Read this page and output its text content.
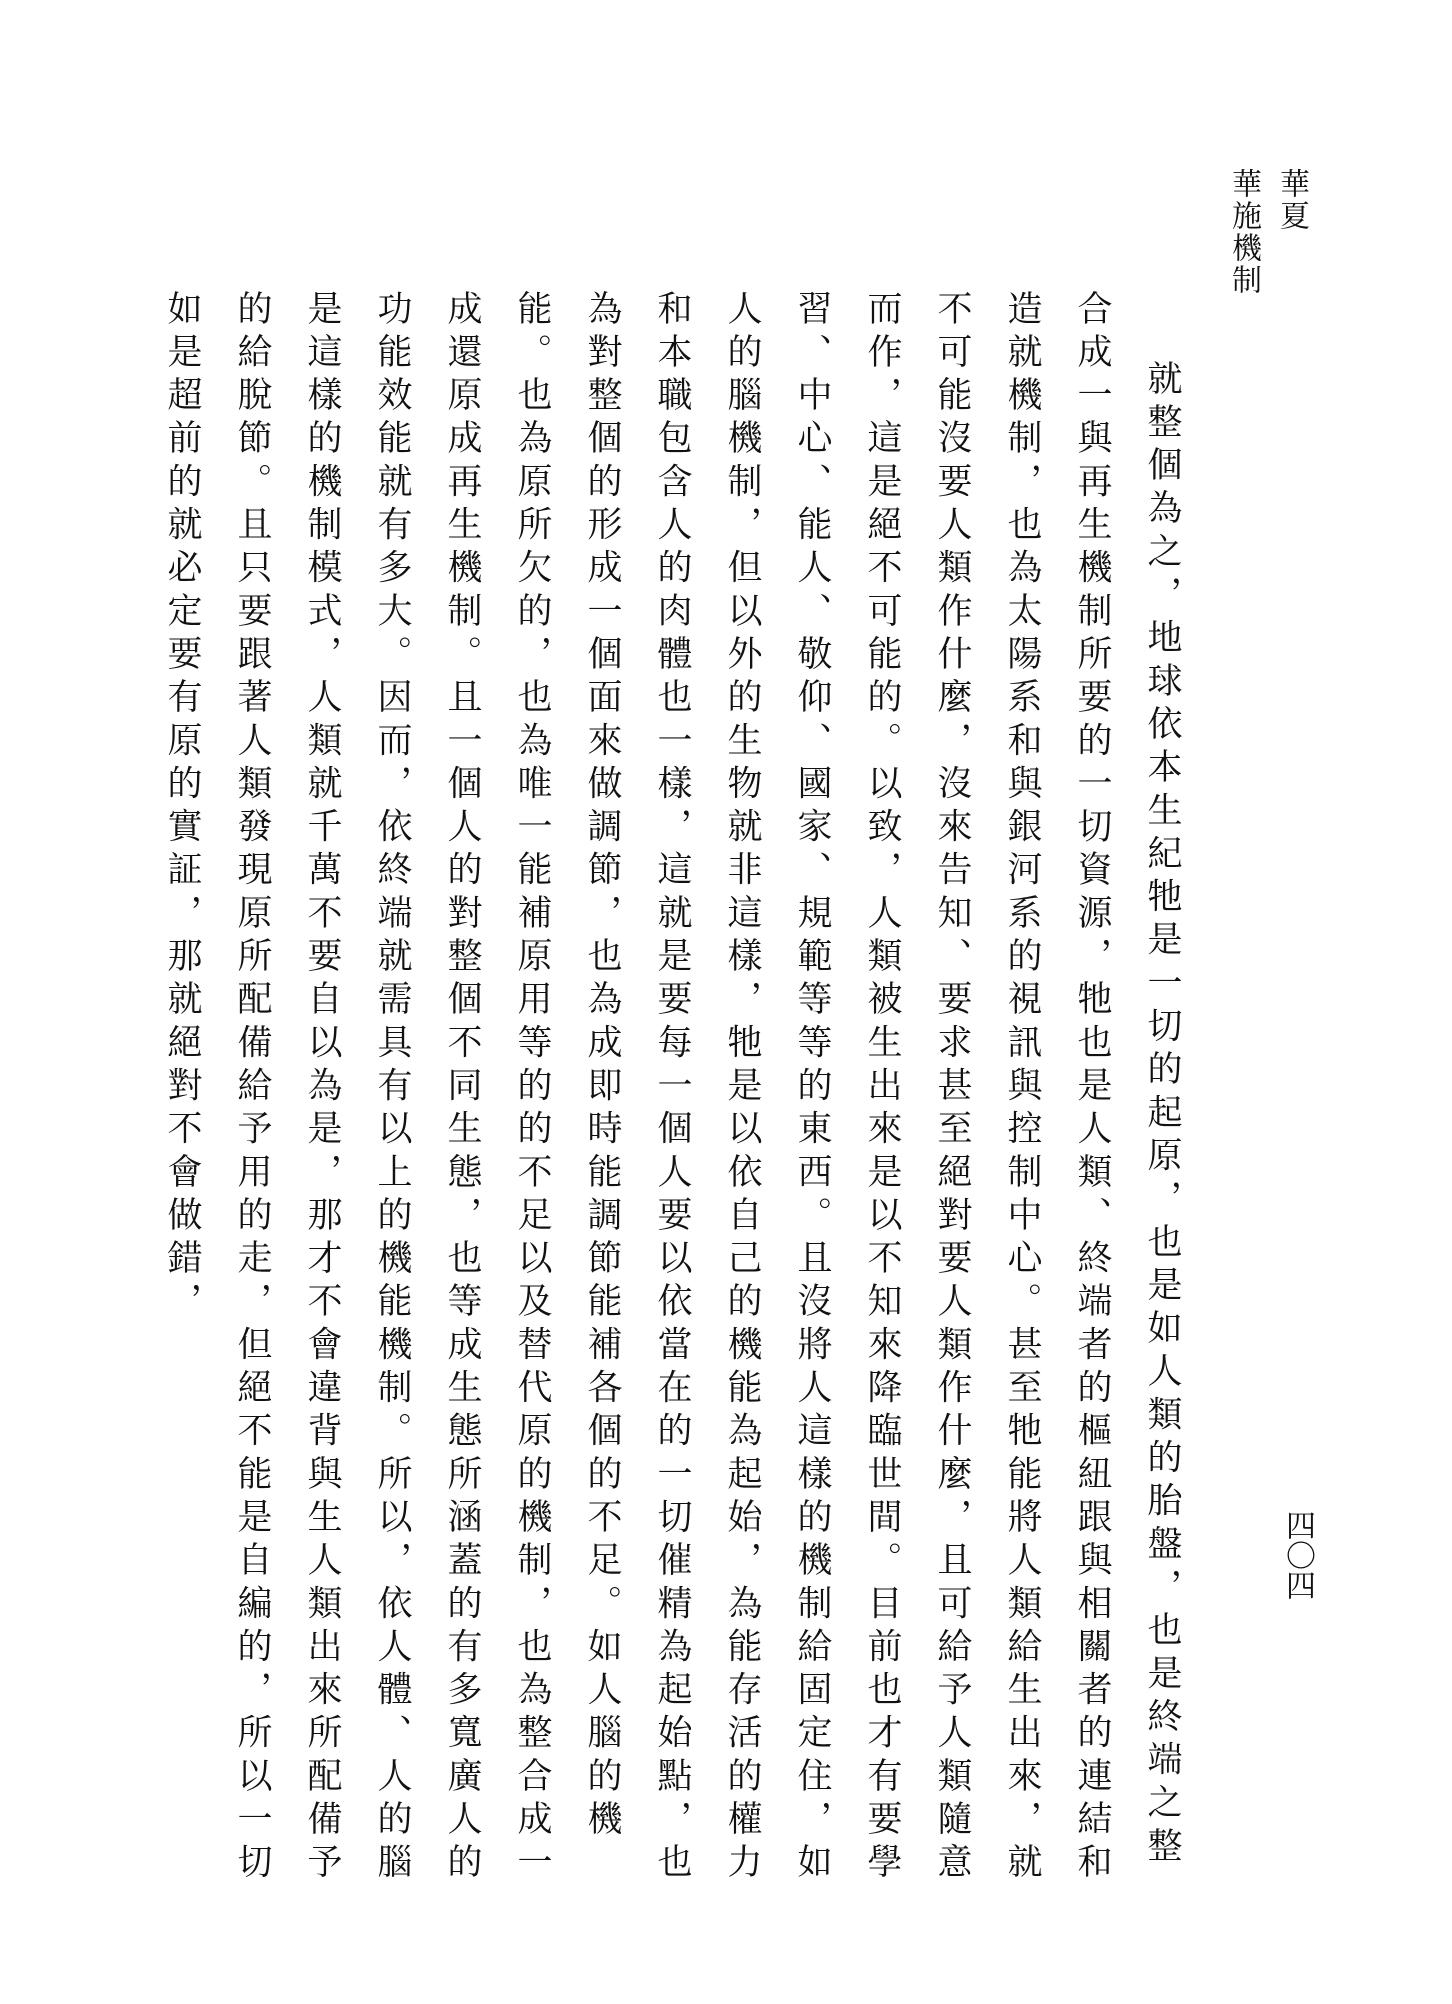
華夏
華施機制
四〇四

就整個為之，地球依本生紀牠是一切的起原，也是如人類的胎盤，也是終端之整合成一與再生機制所要的一切資源，牠也是人類、終端者的樞紐跟與相關者的連結和造就機制，也為太陽系和與銀河系的視訊與控制中心。甚至牠能將人類給生出來，就不可能沒要人類作什麼，沒來告知、要求甚至絕對要人類作什麼，且可給予人類隨意而作，這是絕不可能的。以致，人類被生出來是以不知來降臨世間。目前也才有要學習、中心、能人、敬仰、國家、規範等等的東西。且沒將人這樣的機制給固定住，如人的腦機制，但以外的生物就非這樣，牠是以依自己的機能為起始，為能存活的權力和本職包含人的肉體也一樣，這就是要每一個人要以依當在的一切催精為起始點，也為對整個的形成一個面來做調節，也為成即時能調節能補各個的不足。如人腦的機能。也為原所欠的，也為唯一能補原用等的的不足以及替代原的機制，也為整合成一成還原成再生機制。且一個人的對整個不同生態，也等成生態所涵蓋的有多寬廣人的功能效能就有多大。因而，依終端就需具有以上的機能機制。所以，依人體、人的腦是這樣的機制模式，人類就千萬不要自以為是，那才不會違背與生人類出來所配備予的給脫節。且只要跟著人類發現原所配備給予用的走，但絕不能是自編的，所以一切如是超前的就必定要有原的實証，那就絕對不會做錯，
